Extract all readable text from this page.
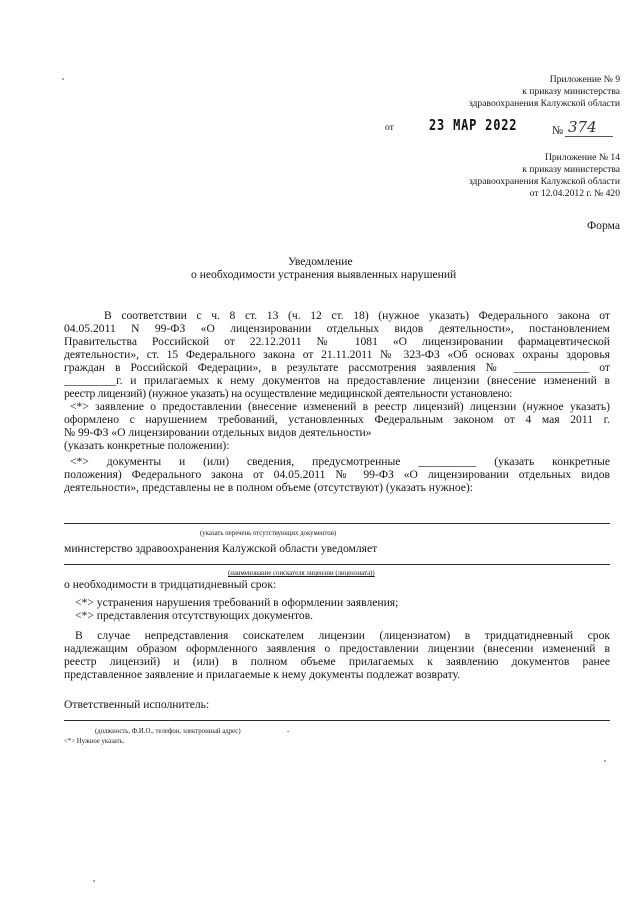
Приложение № 9
к приказу министерства
здравоохранения Калужской области
от 23 МАР 2022	№ 374
Приложение № 14
к приказу министерства
здравоохранения Калужской области
от 12.04.2012 г. № 420
Форма
Уведомление
о необходимости устранения выявленных нарушений
В соответствии с ч. 8 ст. 13 (ч. 12 ст. 18) (нужное указать) Федерального закона от
04.05.2011 N 99-ФЗ «О лицензировании отдельных видов деятельности», постановлением
Правительства Российской от 22.12.2011 № 1081 «О лицензировании фармацевтической
деятельности», ст. 15 Федерального закона от 21.11.2011 № 323-ФЗ «Об основах охраны здоровья
граждан в Российской Федерации», в результате рассмотрения заявления № _____________ от
_________г. и прилагаемых к нему документов на предоставление лицензии (внесение изменений в
реестр лицензий) (нужное указать) на осуществление медицинской деятельности установлено:
<*> заявление о предоставлении (внесение изменений в реестр лицензий) лицензии (нужное указать)
оформлено с нарушением требований, установленных Федеральным законом от 4 мая 2011 г.
№ 99-ФЗ «О лицензировании отдельных видов деятельности»
(указать конкретные положении):
<*> документы и (или) сведения, предусмотренные __________ (указать конкретные
положения) Федерального закона от 04.05.2011 № 99-ФЗ «О лицензировании отдельных видов
деятельности», представлены не в полном объеме (отсутствуют) (указать нужное):
(указать перечень отсутствующих документов)
министерство здравоохранения Калужской области уведомляет
(наименование соискателя лицензии (лицензиата))
о необходимости в тридцатидневный срок:
<*> устранения нарушения требований в оформлении заявления;
<*> представления отсутствующих документов.
В случае непредставления соискателем лицензии (лицензиатом) в тридцатидневный срок
надлежащим образом оформленного заявления о предоставлении лицензии (внесении изменений в
реестр лицензий) и (или) в полном объеме прилагаемых к заявлению документов ранее
представленное заявление и прилагаемые к нему документы подлежат возврату.
Ответственный исполнитель:
(должность, Ф.И.О., телефон, электронный адрес)	-
<*> Нужное указать.
